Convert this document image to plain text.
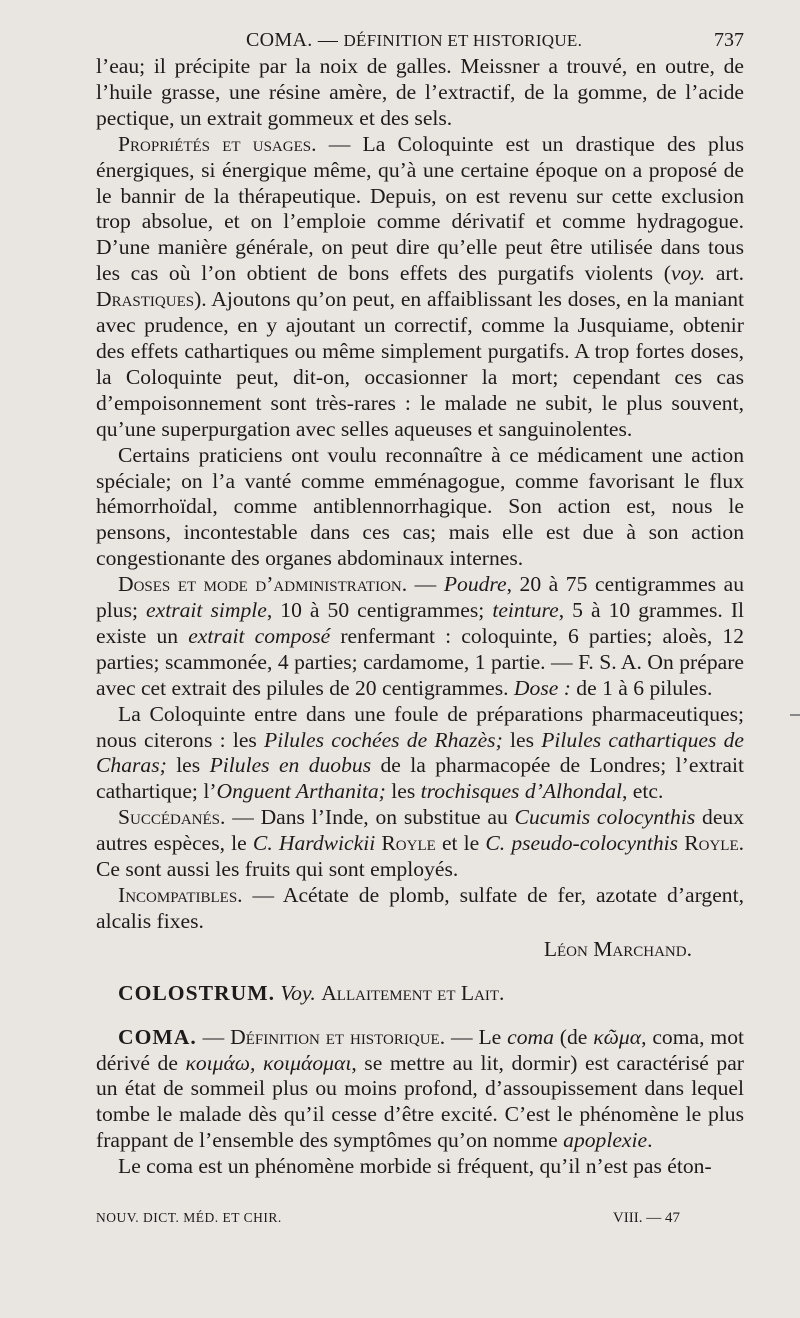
COMA. — DÉFINITION ET HISTORIQUE.	737

l’eau; il précipite par la noix de galles. Meissner a trouvé, en outre, de l’huile grasse, une résine amère, de l’extractif, de la gomme, de l’acide pectique, un extrait gommeux et des sels.

Propriétés et usages. — La Coloquinte est un drastique des plus énergiques, si énergique même, qu’à une certaine époque on a proposé de le bannir de la thérapeutique. Depuis, on est revenu sur cette exclusion trop absolue, et on l’emploie comme dérivatif et comme hydragogue. D’une manière générale, on peut dire qu’elle peut être utilisée dans tous les cas où l’on obtient de bons effets des purgatifs violents (voy. art. Drastiques). Ajoutons qu’on peut, en affaiblissant les doses, en la maniant avec prudence, en y ajoutant un correctif, comme la Jusquiame, obtenir des effets cathartiques ou même simplement purgatifs. A trop fortes doses, la Coloquinte peut, dit-on, occasionner la mort; cependant ces cas d’empoisonnement sont très-rares : le malade ne subit, le plus souvent, qu’une superpurgation avec selles aqueuses et sanguinolentes.

Certains praticiens ont voulu reconnaître à ce médicament une action spéciale; on l’a vanté comme emménagogue, comme favorisant le flux hémorrhoïdal, comme antiblennorrhagique. Son action est, nous le pensons, incontestable dans ces cas; mais elle est due à son action congestionante des organes abdominaux internes.

Doses et mode d’administration. — Poudre, 20 à 75 centigrammes au plus; extrait simple, 10 à 50 centigrammes; teinture, 5 à 10 grammes. Il existe un extrait composé renfermant : coloquinte, 6 parties; aloès, 12 parties; scammonée, 4 parties; cardamome, 1 partie. — F. S. A. On prépare avec cet extrait des pilules de 20 centigrammes. Dose : de 1 à 6 pilules.

La Coloquinte entre dans une foule de préparations pharmaceutiques; nous citerons : les Pilules cochées de Rhazès; les Pilules cathartiques de Charas; les Pilules en duobus de la pharmacopée de Londres; l’extrait cathartique; l’Onguent Arthanita; les trochisques d’Alhondal, etc.

Succédanés. — Dans l’Inde, on substitue au Cucumis colocynthis deux autres espèces, le C. Hardwickii Royle et le C. pseudo-colocynthis Royle. Ce sont aussi les fruits qui sont employés.

Incompatibles. — Acétate de plomb, sulfate de fer, azotate d’argent, alcalis fixes.

Léon Marchand.

COLOSTRUM. Voy. Allaitement et Lait.

COMA. — Définition et historique. — Le coma (de κῶμα, coma, mot dérivé de κοιμάω, κοιμάομαι, se mettre au lit, dormir) est caractérisé par un état de sommeil plus ou moins profond, d’assoupissement dans lequel tombe le malade dès qu’il cesse d’être excité. C’est le phénomène le plus frappant de l’ensemble des symptômes qu’on nomme apoplexie.

Le coma est un phénomène morbide si fréquent, qu’il n’est pas éton-

NOUV. DICT. MÉD. ET CHIR.	VIII. — 47
